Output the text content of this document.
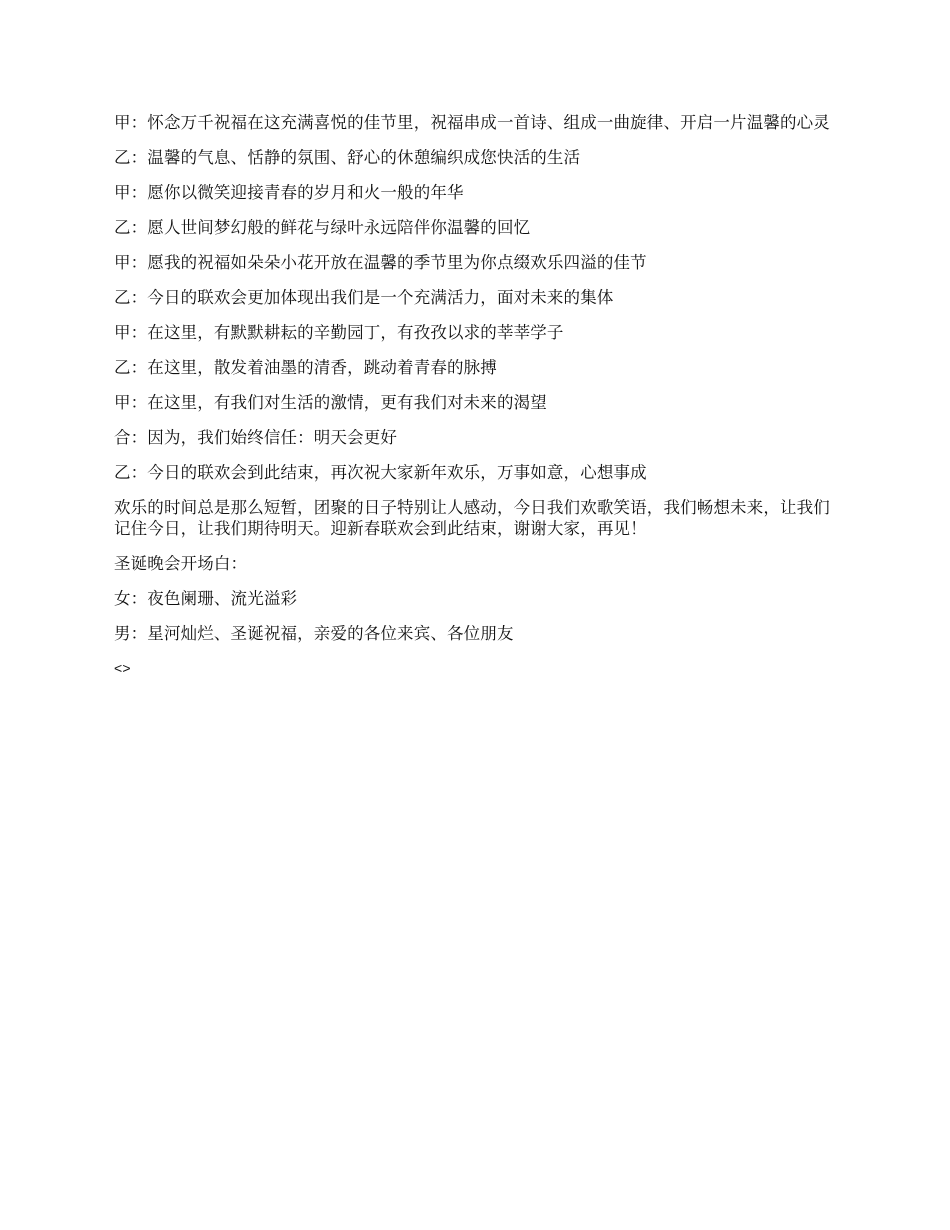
甲：怀念万千祝福在这充满喜悦的佳节里，祝福串成一首诗、组成一曲旋律、开启一片温馨的心灵

乙：温馨的气息、恬静的氛围、舒心的休憩编织成您快活的生活

甲：愿你以微笑迎接青春的岁月和火一般的年华

乙：愿人世间梦幻般的鲜花与绿叶永远陪伴你温馨的回忆

甲：愿我的祝福如朵朵小花开放在温馨的季节里为你点缀欢乐四溢的佳节

乙：今日的联欢会更加体现出我们是一个充满活力，面对未来的集体

甲：在这里，有默默耕耘的辛勤园丁，有孜孜以求的莘莘学子

乙：在这里，散发着油墨的清香，跳动着青春的脉搏

甲：在这里，有我们对生活的激情，更有我们对未来的渴望

合：因为，我们始终信任：明天会更好

乙：今日的联欢会到此结束，再次祝大家新年欢乐，万事如意，心想事成

欢乐的时间总是那么短暂，团聚的日子特别让人感动，今日我们欢歌笑语，我们畅想未来，让我们记住今日，让我们期待明天。迎新春联欢会到此结束，谢谢大家，再见！

圣诞晚会开场白：

女：夜色阑珊、流光溢彩

男：星河灿烂、圣诞祝福，亲爱的各位来宾、各位朋友

<>
